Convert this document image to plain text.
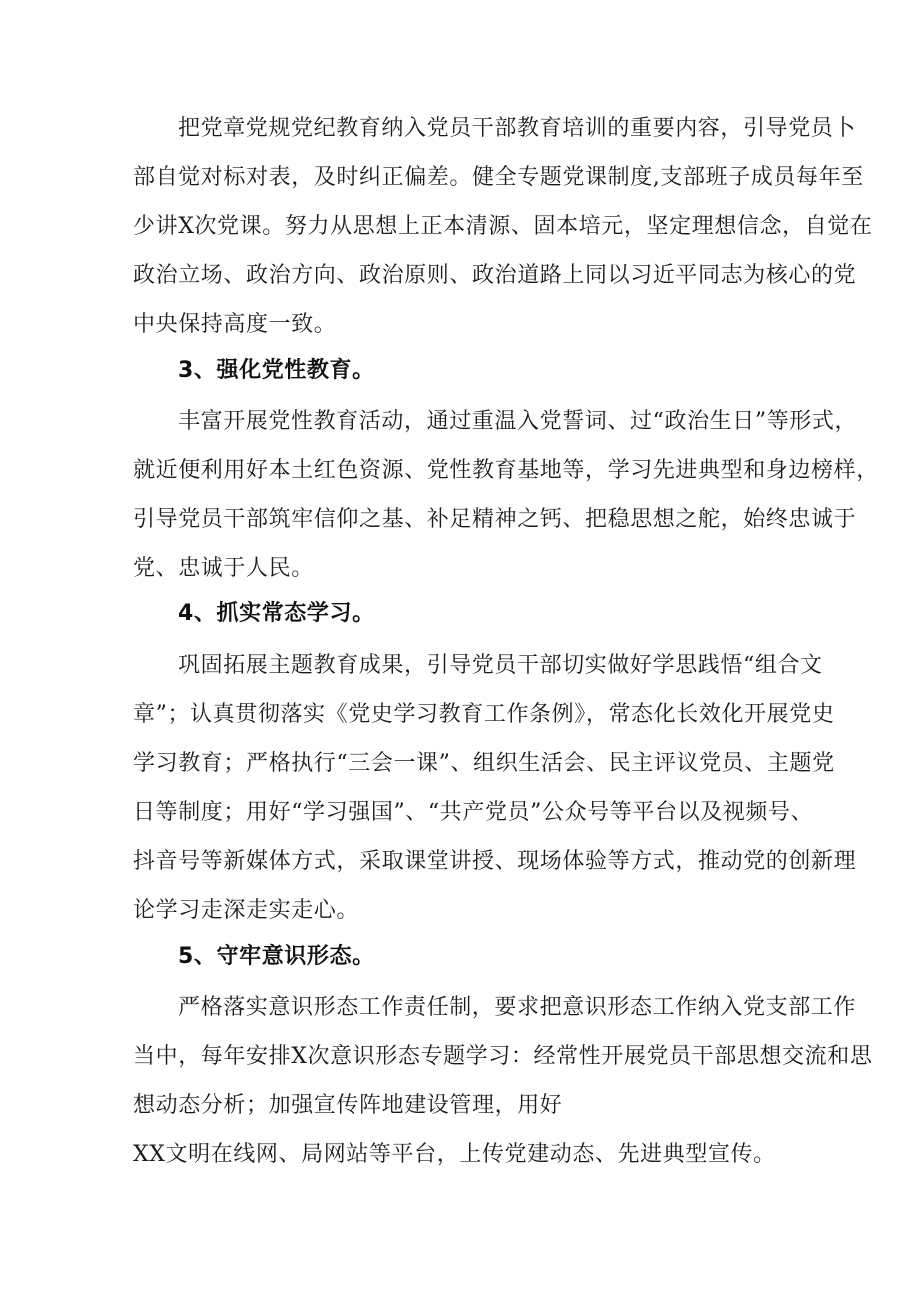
把党章党规党纪教育纳入党员干部教育培训的重要内容，引导党员卜
部自觉对标对表，及时纠正偏差。健全专题党课制度,支部班子成员每年至
少讲X次党课。努力从思想上正本清源、固本培元，坚定理想信念，自觉在
政治立场、政治方向、政治原则、政治道路上同以习近平同志为核心的党
中央保持高度一致。
3、强化党性教育。
丰富开展党性教育活动，通过重温入党誓词、过“政治生日”等形式，
就近便利用好本土红色资源、党性教育基地等，学习先进典型和身边榜样，
引导党员干部筑牢信仰之基、补足精神之钙、把稳思想之舵，始终忠诚于
党、忠诚于人民。
4、抓实常态学习。
巩固拓展主题教育成果，引导党员干部切实做好学思践悟“组合文
章”；认真贯彻落实《党史学习教育工作条例》，常态化长效化开展党史
学习教育；严格执行“三会一课”、组织生活会、民主评议党员、主题党
日等制度；用好“学习强国”、“共产党员”公众号等平台以及视频号、
抖音号等新媒体方式，采取课堂讲授、现场体验等方式，推动党的创新理
论学习走深走实走心。
5、守牢意识形态。
严格落实意识形态工作责任制，要求把意识形态工作纳入党支部工作
当中，每年安排X次意识形态专题学习：经常性开展党员干部思想交流和思
想动态分析；加强宣传阵地建设管理，用好
XX文明在线网、局网站等平台，上传党建动态、先进典型宣传。
